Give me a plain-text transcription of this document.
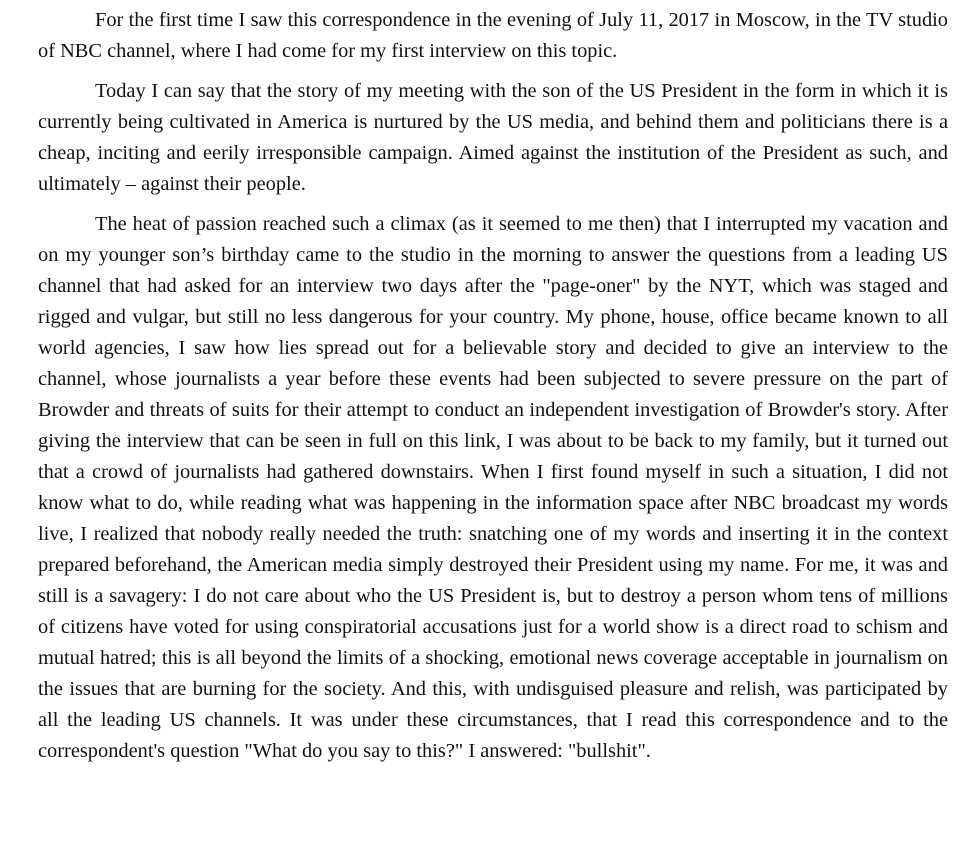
For the first time I saw this correspondence in the evening of July 11, 2017 in Moscow, in the TV studio of NBC channel, where I had come for my first interview on this topic.

Today I can say that the story of my meeting with the son of the US President in the form in which it is currently being cultivated in America is nurtured by the US media, and behind them and politicians there is a cheap, inciting and eerily irresponsible campaign. Aimed against the institution of the President as such, and ultimately – against their people.

The heat of passion reached such a climax (as it seemed to me then) that I interrupted my vacation and on my younger son’s birthday came to the studio in the morning to answer the questions from a leading US channel that had asked for an interview two days after the "page-oner" by the NYT, which was staged and rigged and vulgar, but still no less dangerous for your country. My phone, house, office became known to all world agencies, I saw how lies spread out for a believable story and decided to give an interview to the channel, whose journalists a year before these events had been subjected to severe pressure on the part of Browder and threats of suits for their attempt to conduct an independent investigation of Browder's story. After giving the interview that can be seen in full on this link, I was about to be back to my family, but it turned out that a crowd of journalists had gathered downstairs. When I first found myself in such a situation, I did not know what to do, while reading what was happening in the information space after NBC broadcast my words live, I realized that nobody really needed the truth: snatching one of my words and inserting it in the context prepared beforehand, the American media simply destroyed their President using my name. For me, it was and still is a savagery: I do not care about who the US President is, but to destroy a person whom tens of millions of citizens have voted for using conspiratorial accusations just for a world show is a direct road to schism and mutual hatred; this is all beyond the limits of a shocking, emotional news coverage acceptable in journalism on the issues that are burning for the society. And this, with undisguised pleasure and relish, was participated by all the leading US channels. It was under these circumstances, that I read this correspondence and to the correspondent's question "What do you say to this?" I answered: "bullshit".
